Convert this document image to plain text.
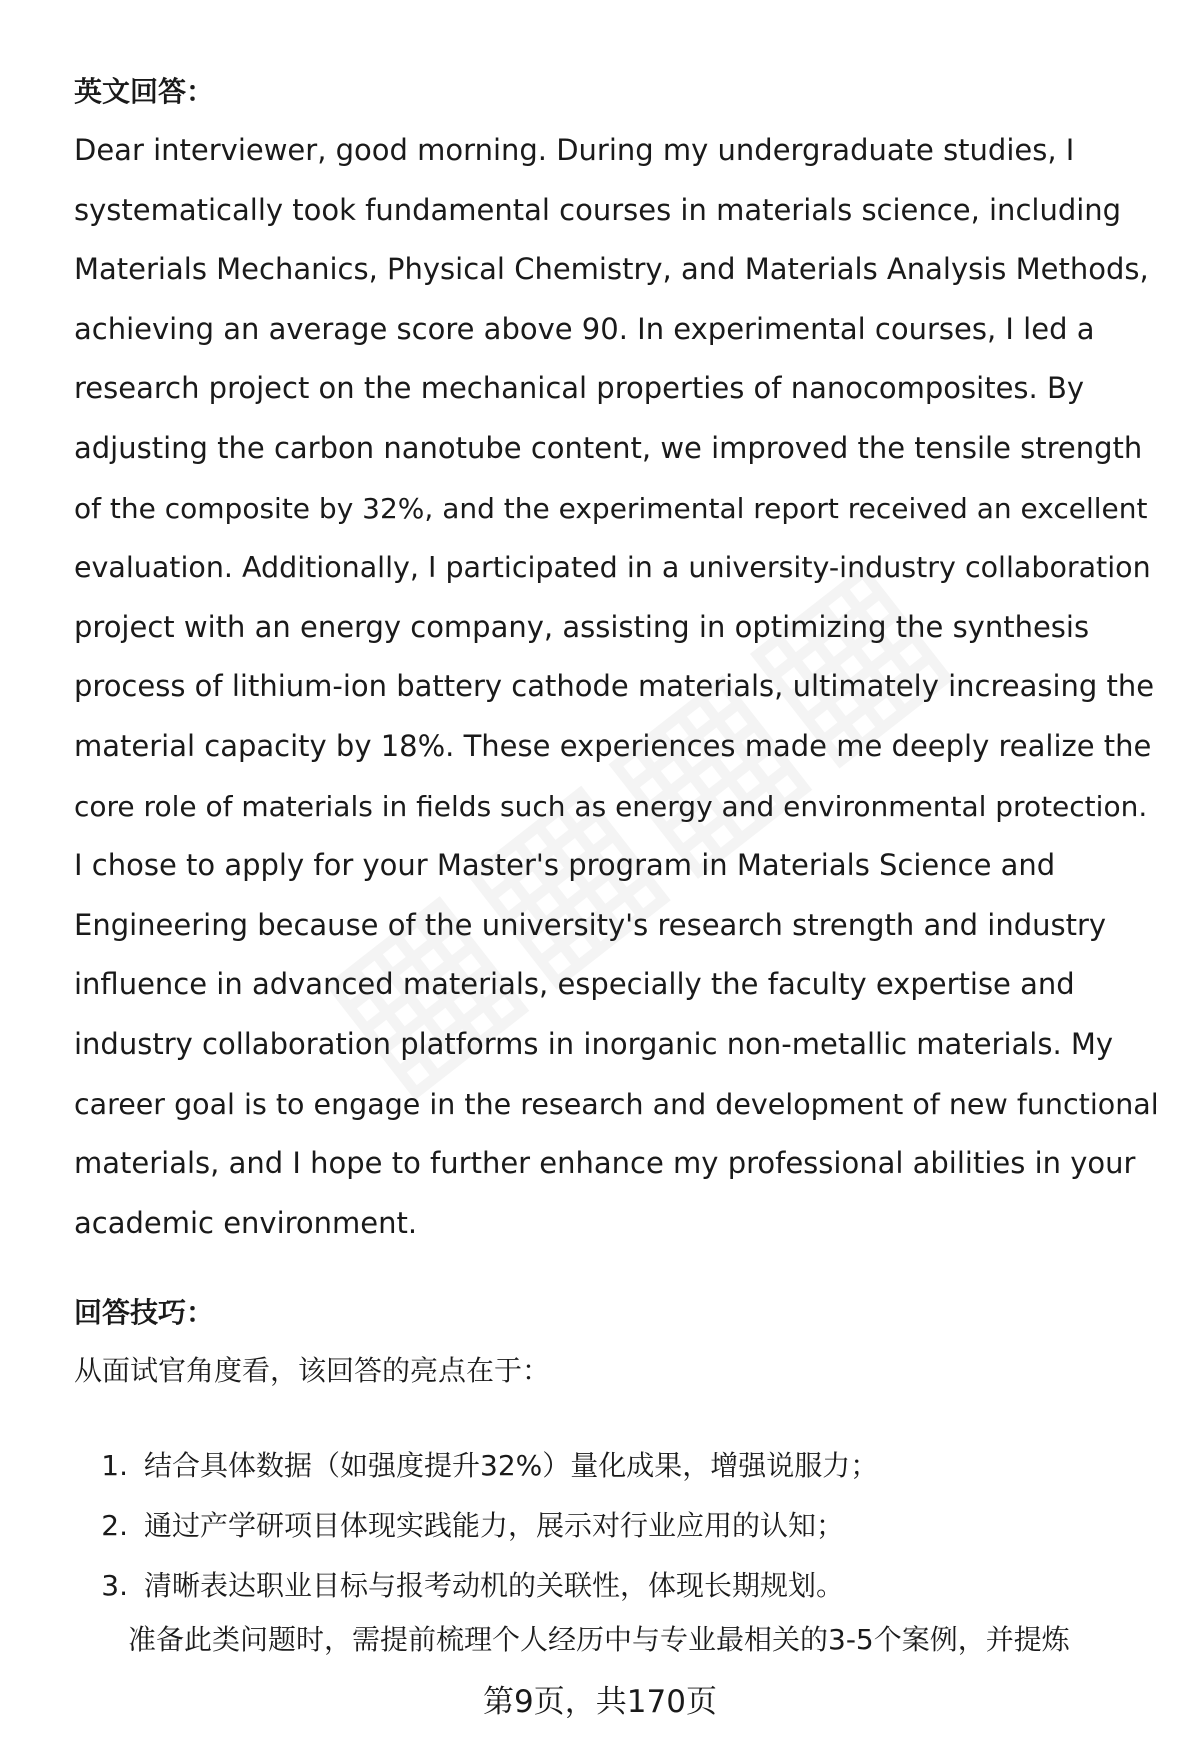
英文回答：
Dear interviewer, good morning. During my undergraduate studies, I
systematically took fundamental courses in materials science, including
Materials Mechanics, Physical Chemistry, and Materials Analysis Methods,
achieving an average score above 90. In experimental courses, I led a
research project on the mechanical properties of nanocomposites. By
adjusting the carbon nanotube content, we improved the tensile strength
of the composite by 32%, and the experimental report received an excellent
evaluation. Additionally, I participated in a university-industry collaboration
project with an energy company, assisting in optimizing the synthesis
process of lithium-ion battery cathode materials, ultimately increasing the
material capacity by 18%. These experiences made me deeply realize the
core role of materials in fields such as energy and environmental protection.
I chose to apply for your Master's program in Materials Science and
Engineering because of the university's research strength and industry
influence in advanced materials, especially the faculty expertise and
industry collaboration platforms in inorganic non-metallic materials. My
career goal is to engage in the research and development of new functional
materials, and I hope to further enhance my professional abilities in your
academic environment.
回答技巧：

从面试官角度看，该回答的亮点在于：

1. 结合具体数据（如强度提升32%）量化成果，增强说服力；
2. 通过产学研项目体现实践能力，展示对行业应用的认知；
3. 清晰表达职业目标与报考动机的关联性，体现长期规划。

准备此类问题时，需提前梳理个人经历中与专业最相关的3-5个案例，并提炼

第9页，共170页
